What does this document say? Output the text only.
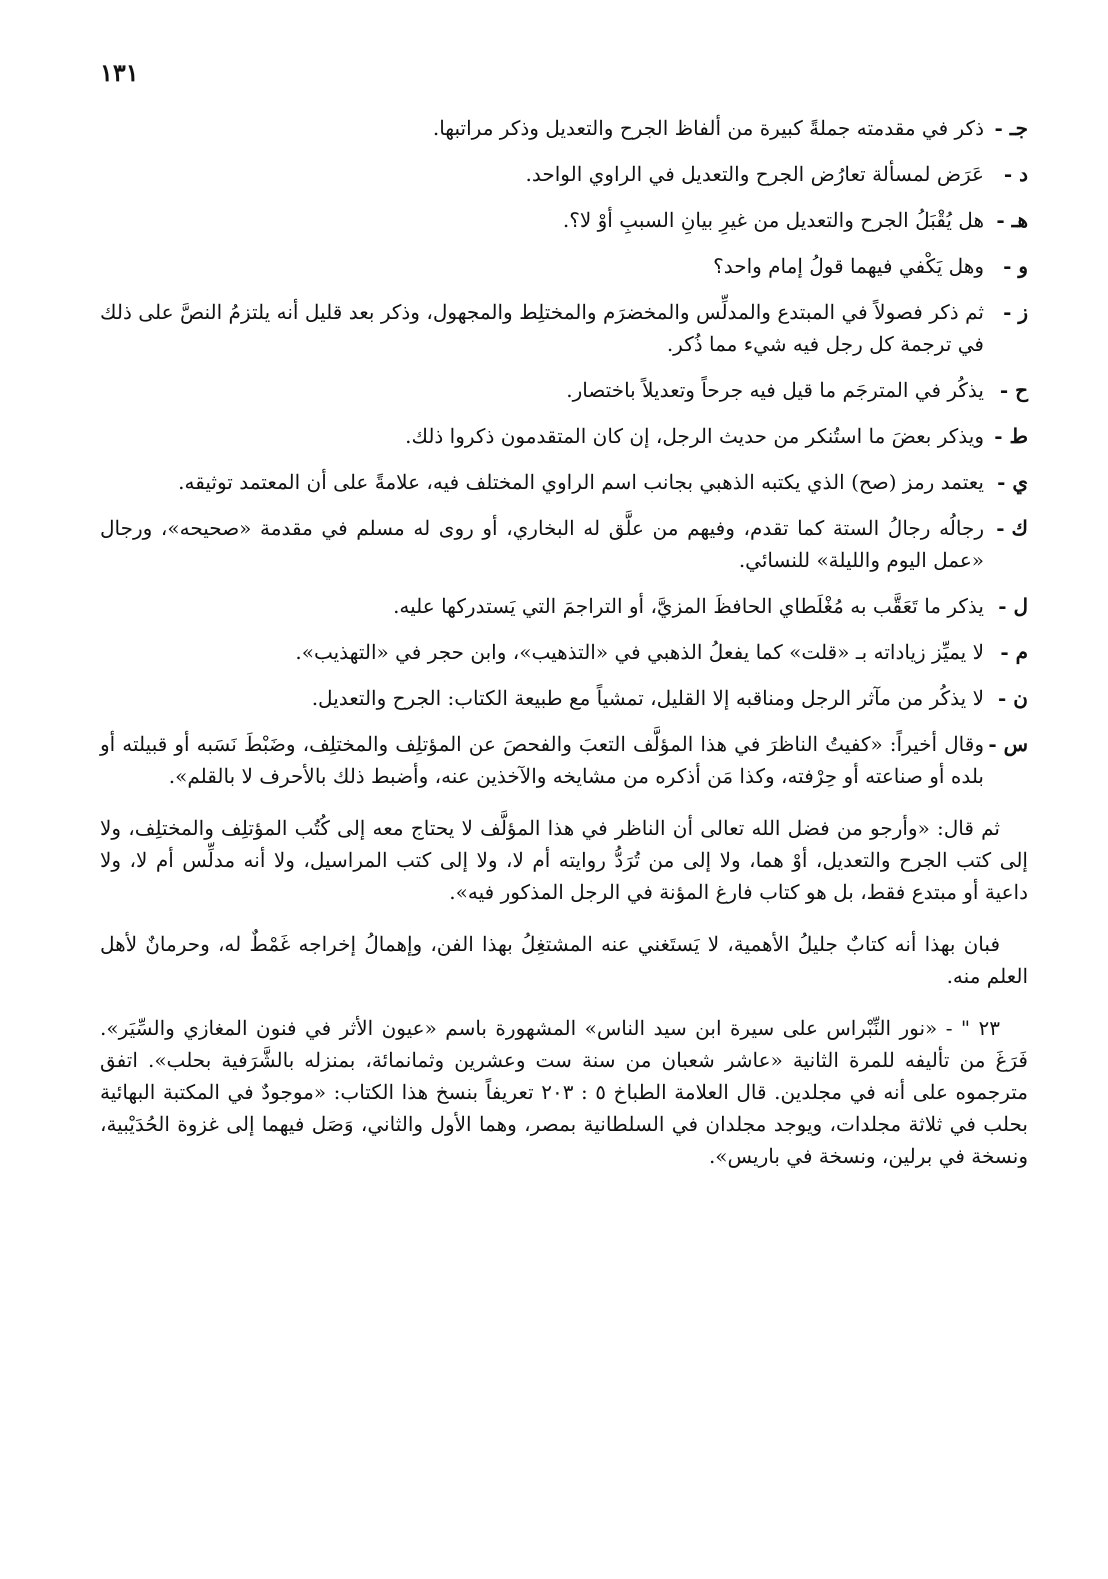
١٣١
جـ -
ذكر في مقدمته جملةً كبيرة من ألفاظ الجرح والتعديل وذكر مراتبها.
د -
عَرَض لمسألة تعارُض الجرح والتعديل في الراوي الواحد.
هـ -
هل يُقْبَلُ الجرح والتعديل من غيرِ بيانِ السببِ أوْ لا؟.
و -
وهل يَكْفي فيهما قولُ إمام واحد؟
ز -
ثم ذكر فصولاً في المبتدع والمدلِّس والمخضرَم والمختلِط والمجهول، وذكر بعد قليل أنه يلتزمُ النصَّ على ذلك في ترجمة كل رجل فيه شيء مما ذُكر.
ح -
يذكُر في المترجَم ما قيل فيه جرحاً وتعديلاً باختصار.
ط -
ويذكر بعضَ ما استُنكر من حديث الرجل، إن كان المتقدمون ذكروا ذلك.
ي -
يعتمد رمز (صح) الذي يكتبه الذهبي بجانب اسم الراوي المختلف فيه، علامةً على أن المعتمد توثيقه.
ك -
رجالُه رجالُ الستة كما تقدم، وفيهم من علَّق له البخاري، أو روى له مسلم في مقدمة «صحيحه»، ورجال «عمل اليوم والليلة» للنسائي.
ل -
يذكر ما تَعَقَّب به مُغْلَطاي الحافظَ المزيَّ، أو التراجمَ التي يَستدركها عليه.
م -
لا يميِّز زياداته بـ «قلت» كما يفعلُ الذهبي في «التذهيب»، وابن حجر في «التهذيب».
ن -
لا يذكُر من مآثر الرجل ومناقبه إلا القليل، تمشياً مع طبيعة الكتاب: الجرح والتعديل.
س -
وقال أخيراً: «كفيتُ الناظرَ في هذا المؤلَّف التعبَ والفحصَ عن المؤتلِف والمختلِف، وضَبْطَ نَسَبه أو قبيلته أو بلده أو صناعته أو حِرْفته، وكذا مَن أذكره من مشايخه والآخذين عنه، وأضبط ذلك بالأحرف لا بالقلم».

ثم قال: «وأرجو من فضل الله تعالى أن الناظر في هذا المؤلَّف لا يحتاج معه إلى كُتُب المؤتلِف والمختلِف، ولا إلى كتب الجرح والتعديل، أوْ هما، ولا إلى من تُرَدُّ روايته أم لا، ولا إلى كتب المراسيل، ولا أنه مدلِّس أم لا، ولا داعية أو مبتدع فقط، بل هو كتاب فارغ المؤنة في الرجل المذكور فيه».

فبان بهذا أنه كتابٌ جليلُ الأهمية، لا يَستَغني عنه المشتغِلُ بهذا الفن، وإهمالُ إخراجه غَمْطٌ له، وحرمانٌ لأهل العلم منه.

٢٣ " - «نور النِّبْراس على سيرة ابن سيد الناس» المشهورة باسم «عيون الأثر في فنون المغازي والسِّيَر». فَرَغَ من تأليفه للمرة الثانية «عاشر شعبان من سنة ست وعشرين وثمانمائة، بمنزله بالشَّرَفية بحلب». اتفق مترجموه على أنه في مجلدين. قال العلامة الطباخ ٥ : ٢٠٣ تعريفاً بنسخ هذا الكتاب: «موجودٌ في المكتبة البهائية بحلب في ثلاثة مجلدات، ويوجد مجلدان في السلطانية بمصر، وهما الأول والثاني، وَصَل فيهما إلى غزوة الحُدَيْبية، ونسخة في برلين، ونسخة في باريس».
